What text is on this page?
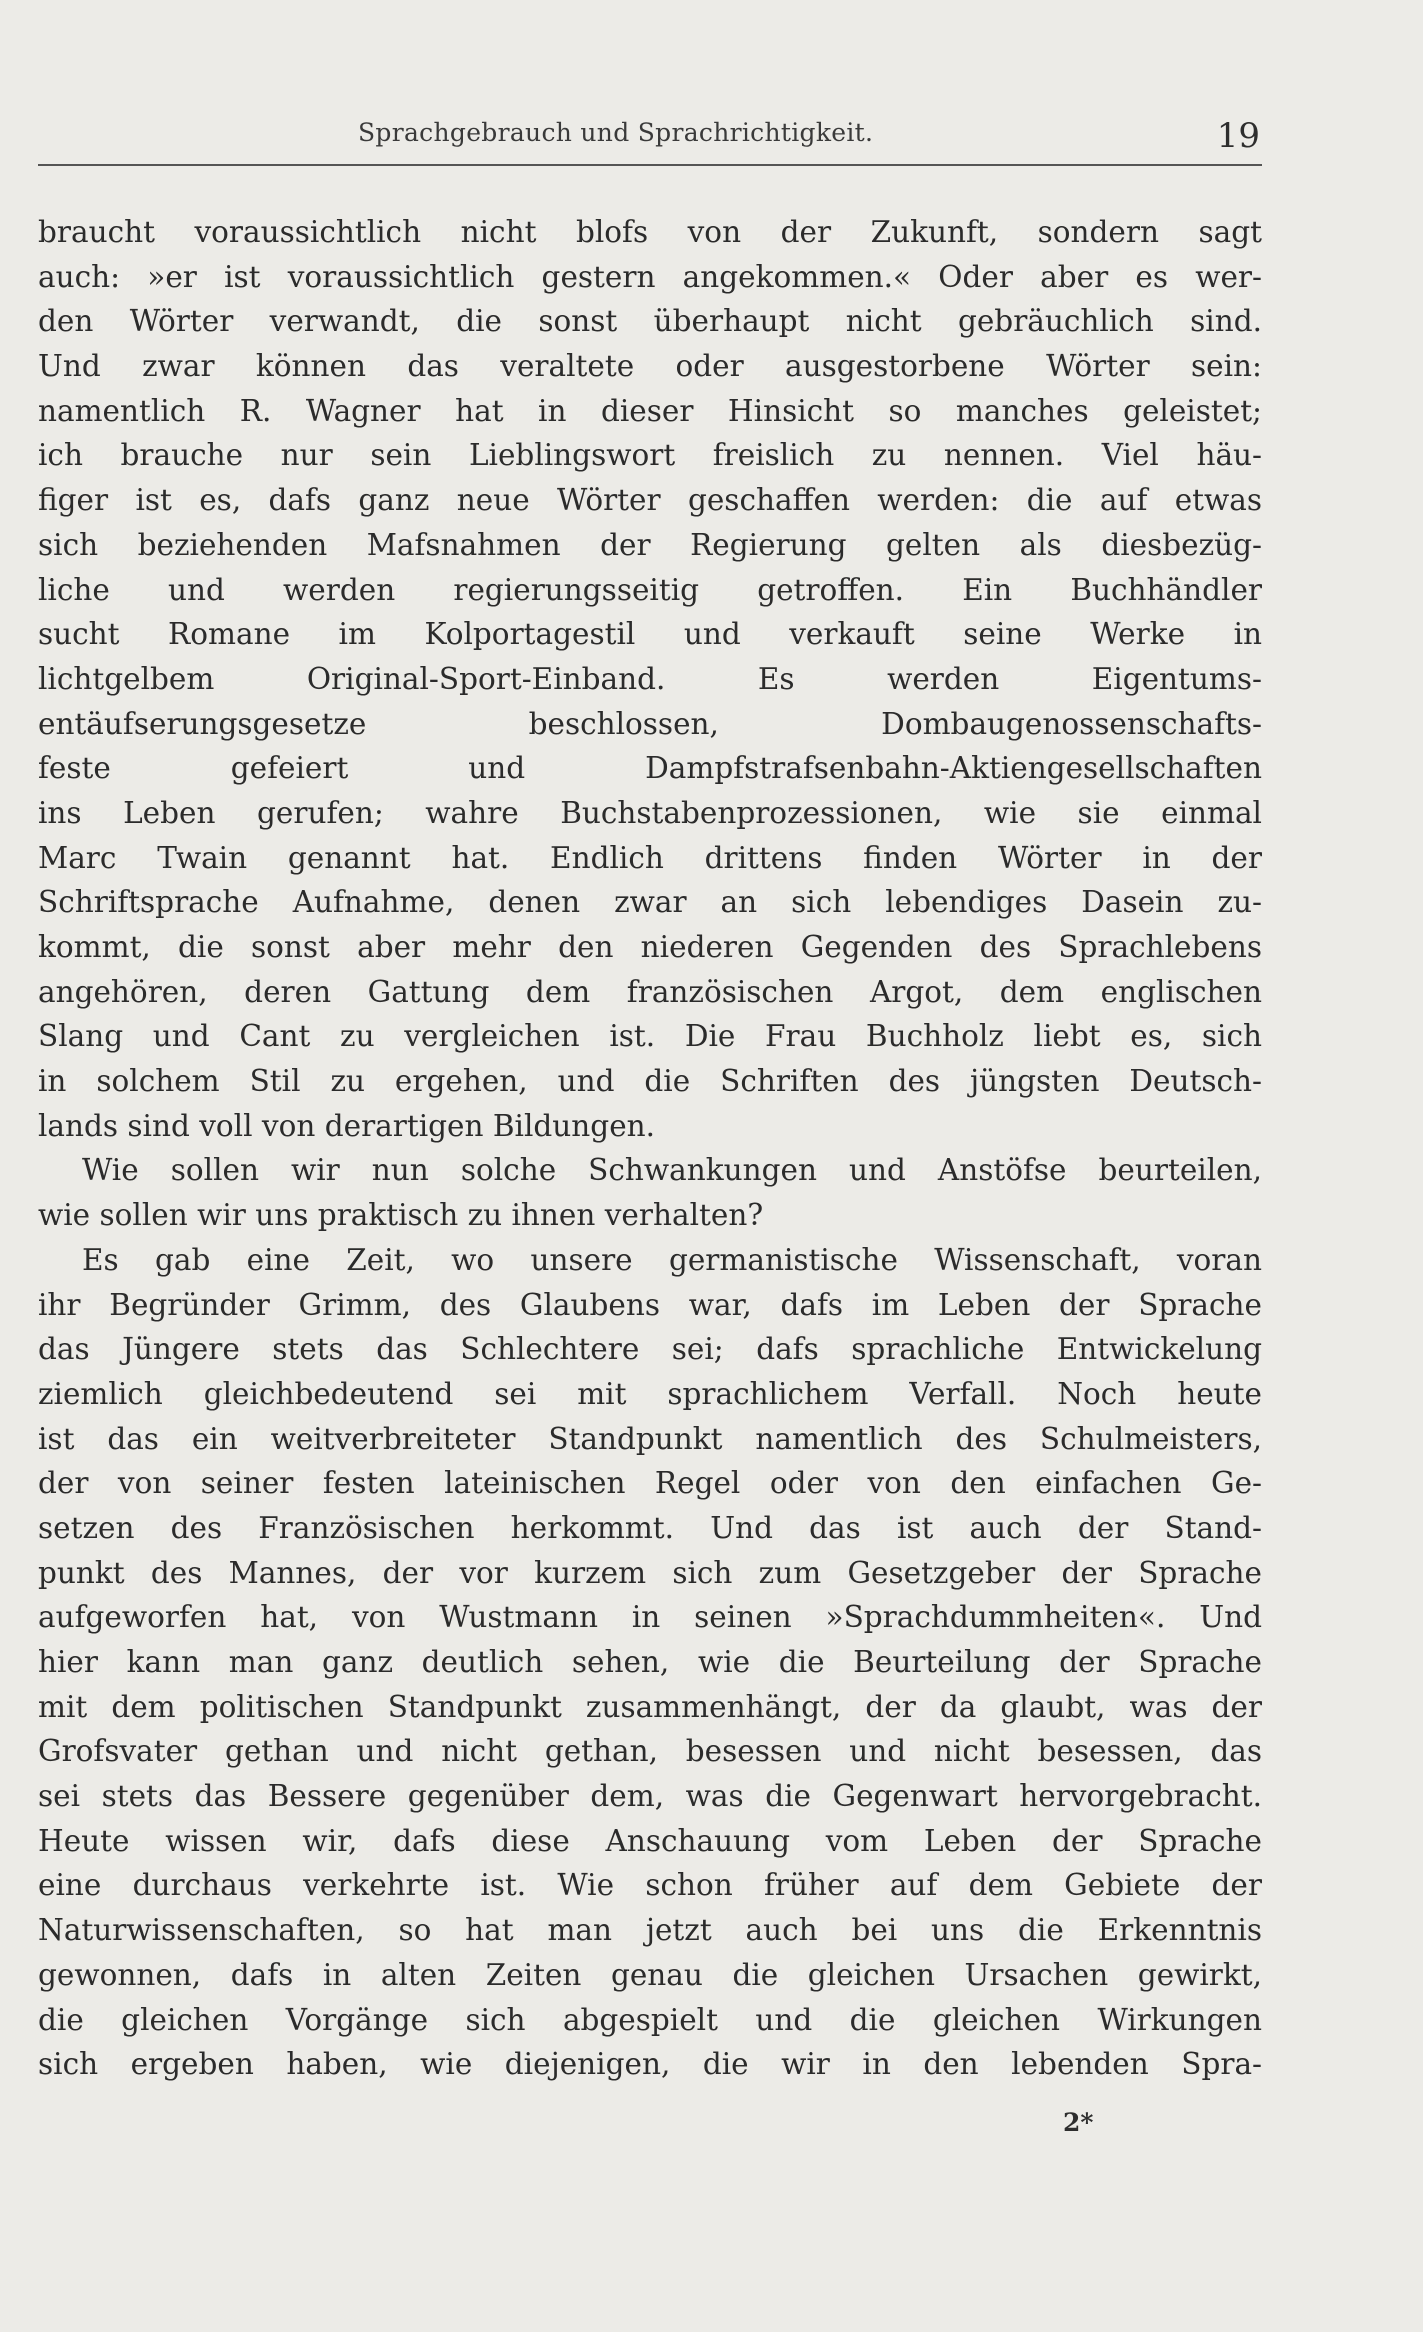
Sprachgebrauch und Sprachrichtigkeit.	19
braucht voraussichtlich nicht blofs von der Zukunft, sondern sagt
auch: »er ist voraussichtlich gestern angekommen.« Oder aber es wer-
den Wörter verwandt, die sonst überhaupt nicht gebräuchlich sind.
Und zwar können das veraltete oder ausgestorbene Wörter sein:
namentlich R. Wagner hat in dieser Hinsicht so manches geleistet;
ich brauche nur sein Lieblingswort freislich zu nennen. Viel häu-
figer ist es, dafs ganz neue Wörter geschaffen werden: die auf etwas
sich beziehenden Mafsnahmen der Regierung gelten als diesbezüg-
liche und werden regierungsseitig getroffen. Ein Buchhändler
sucht Romane im Kolportagestil und verkauft seine Werke in
lichtgelbem Original-Sport-Einband. Es werden Eigentums-
entäufserungsgesetze beschlossen, Dombaugenossenschafts-
feste gefeiert und Dampfstrafsenbahn-Aktiengesellschaften
ins Leben gerufen; wahre Buchstabenprozessionen, wie sie einmal
Marc Twain genannt hat. Endlich drittens finden Wörter in der
Schriftsprache Aufnahme, denen zwar an sich lebendiges Dasein zu-
kommt, die sonst aber mehr den niederen Gegenden des Sprachlebens
angehören, deren Gattung dem französischen Argot, dem englischen
Slang und Cant zu vergleichen ist. Die Frau Buchholz liebt es, sich
in solchem Stil zu ergehen, und die Schriften des jüngsten Deutsch-
lands sind voll von derartigen Bildungen.
Wie sollen wir nun solche Schwankungen und Anstöfse beurteilen,
wie sollen wir uns praktisch zu ihnen verhalten?
Es gab eine Zeit, wo unsere germanistische Wissenschaft, voran
ihr Begründer Grimm, des Glaubens war, dafs im Leben der Sprache
das Jüngere stets das Schlechtere sei; dafs sprachliche Entwickelung
ziemlich gleichbedeutend sei mit sprachlichem Verfall. Noch heute
ist das ein weitverbreiteter Standpunkt namentlich des Schulmeisters,
der von seiner festen lateinischen Regel oder von den einfachen Ge-
setzen des Französischen herkommt. Und das ist auch der Stand-
punkt des Mannes, der vor kurzem sich zum Gesetzgeber der Sprache
aufgeworfen hat, von Wustmann in seinen »Sprachdummheiten«. Und
hier kann man ganz deutlich sehen, wie die Beurteilung der Sprache
mit dem politischen Standpunkt zusammenhängt, der da glaubt, was der
Grofsvater gethan und nicht gethan, besessen und nicht besessen, das
sei stets das Bessere gegenüber dem, was die Gegenwart hervorgebracht.
Heute wissen wir, dafs diese Anschauung vom Leben der Sprache
eine durchaus verkehrte ist. Wie schon früher auf dem Gebiete der
Naturwissenschaften, so hat man jetzt auch bei uns die Erkenntnis
gewonnen, dafs in alten Zeiten genau die gleichen Ursachen gewirkt,
die gleichen Vorgänge sich abgespielt und die gleichen Wirkungen
sich ergeben haben, wie diejenigen, die wir in den lebenden Spra-
2*
